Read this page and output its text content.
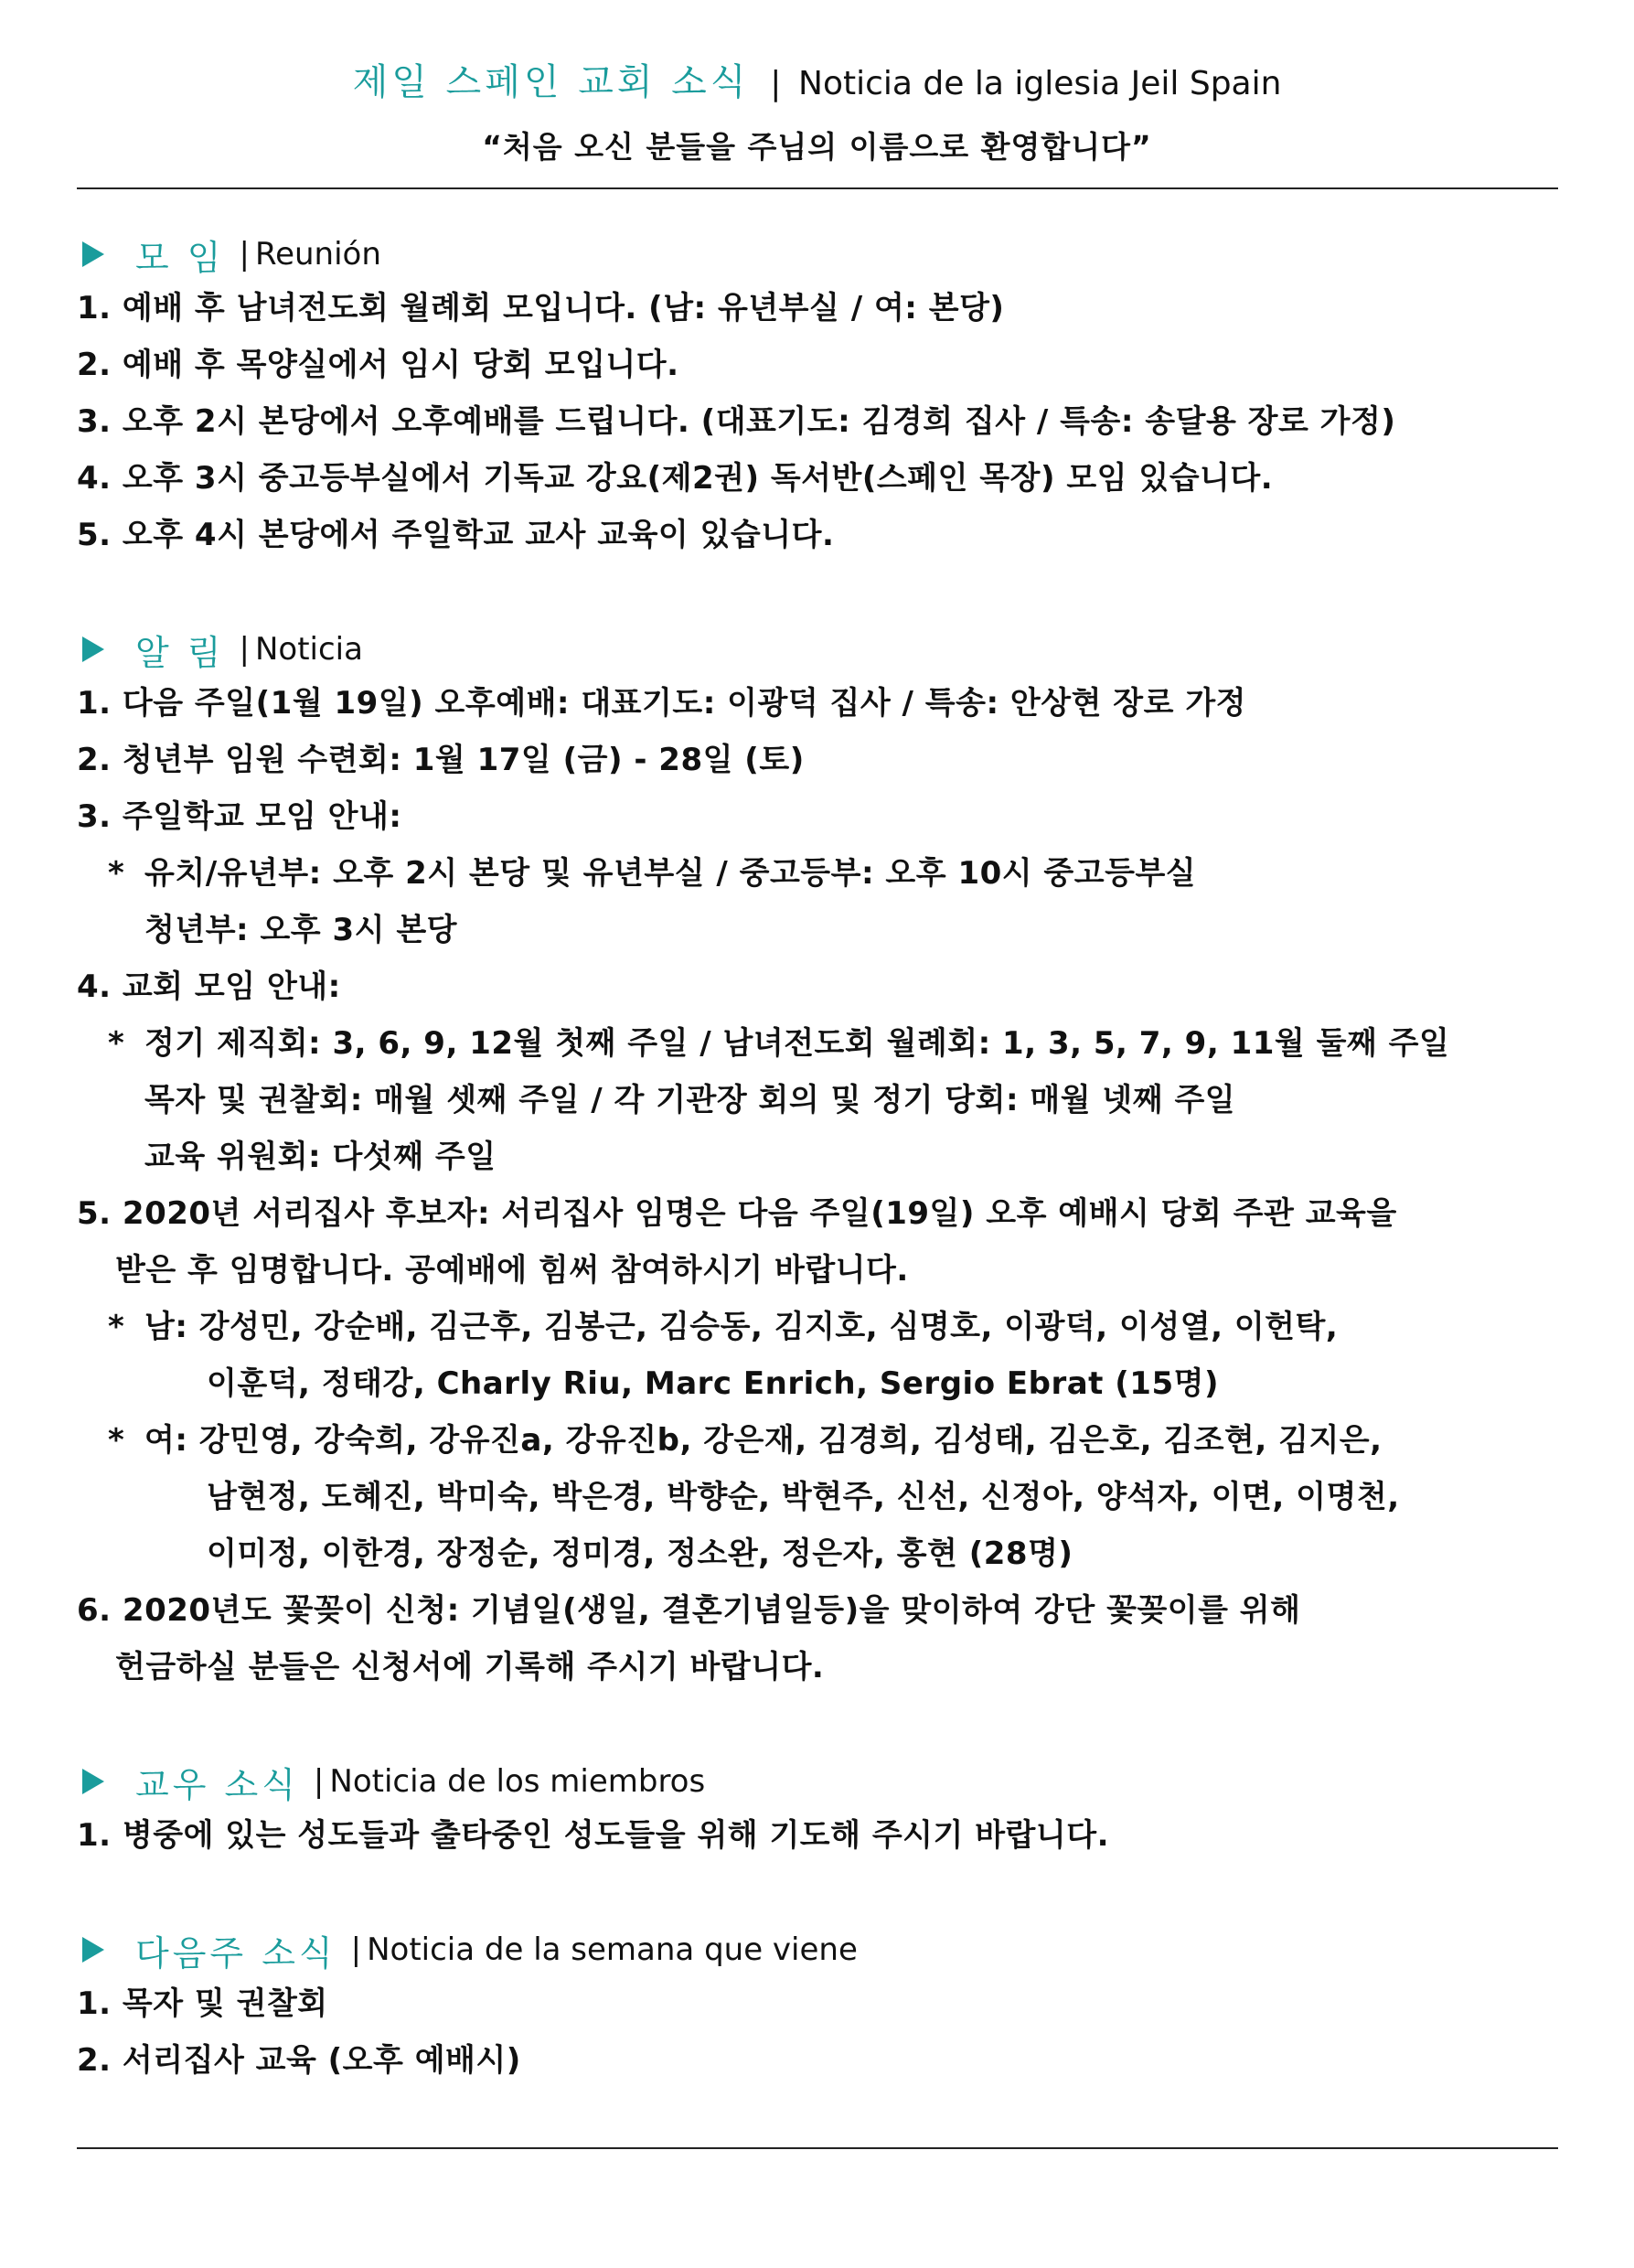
제일 스페인 교회 소식 | Noticia de la iglesia Jeil Spain
“처음 오신 분들을 주님의 이름으로 환영합니다”
모 임 | Reunión
1. 예배 후 남녀전도회 월례회 모입니다. (남: 유년부실 / 여: 본당)
2. 예배 후 목양실에서 임시 당회 모입니다.
3. 오후 2시 본당에서 오후예배를 드립니다. (대표기도: 김경희 집사 / 특송: 송달용 장로 가정)
4. 오후 3시 중고등부실에서 기독교 강요(제2권) 독서반(스페인 목장) 모임 있습니다.
5. 오후 4시 본당에서 주일학교 교사 교육이 있습니다.
알 림 | Noticia
1. 다음 주일(1월 19일) 오후예배: 대표기도: 이광덕 집사 / 특송: 안상현 장로 가정
2. 청년부 임원 수련회: 1월 17일 (금) - 28일 (토)
3. 주일학교 모임 안내:
* 유치/유년부: 오후 2시 본당 및 유년부실 / 중고등부: 오후 10시 중고등부실
청년부: 오후 3시 본당
4. 교회 모임 안내:
* 정기 제직회: 3, 6, 9, 12월 첫째 주일 / 남녀전도회 월례회: 1, 3, 5, 7, 9, 11월 둘째 주일
목자 및 권찰회: 매월 셋째 주일 / 각 기관장 회의 및 정기 당회: 매월 넷째 주일
교육 위원회: 다섯째 주일
5. 2020년 서리집사 후보자: 서리집사 임명은 다음 주일(19일) 오후 예배시 당회 주관 교육을
받은 후 임명합니다. 공예배에 힘써 참여하시기 바랍니다.
* 남: 강성민, 강순배, 김근후, 김봉근, 김승동, 김지호, 심명호, 이광덕, 이성열, 이헌탁,
이훈덕, 정태강, Charly Riu, Marc Enrich, Sergio Ebrat (15명)
* 여: 강민영, 강숙희, 강유진a, 강유진b, 강은재, 김경희, 김성태, 김은호, 김조현, 김지은,
남현정, 도혜진, 박미숙, 박은경, 박향순, 박현주, 신선, 신정아, 양석자, 이면, 이명천,
이미정, 이한경, 장정순, 정미경, 정소완, 정은자, 홍현 (28명)
6. 2020년도 꽃꽂이 신청: 기념일(생일, 결혼기념일등)을 맞이하여 강단 꽃꽂이를 위해
헌금하실 분들은 신청서에 기록해 주시기 바랍니다.
교우 소식 | Noticia de los miembros
1. 병중에 있는 성도들과 출타중인 성도들을 위해 기도해 주시기 바랍니다.
다음주 소식 | Noticia de la semana que viene
1. 목자 및 권찰회
2. 서리집사 교육 (오후 예배시)
